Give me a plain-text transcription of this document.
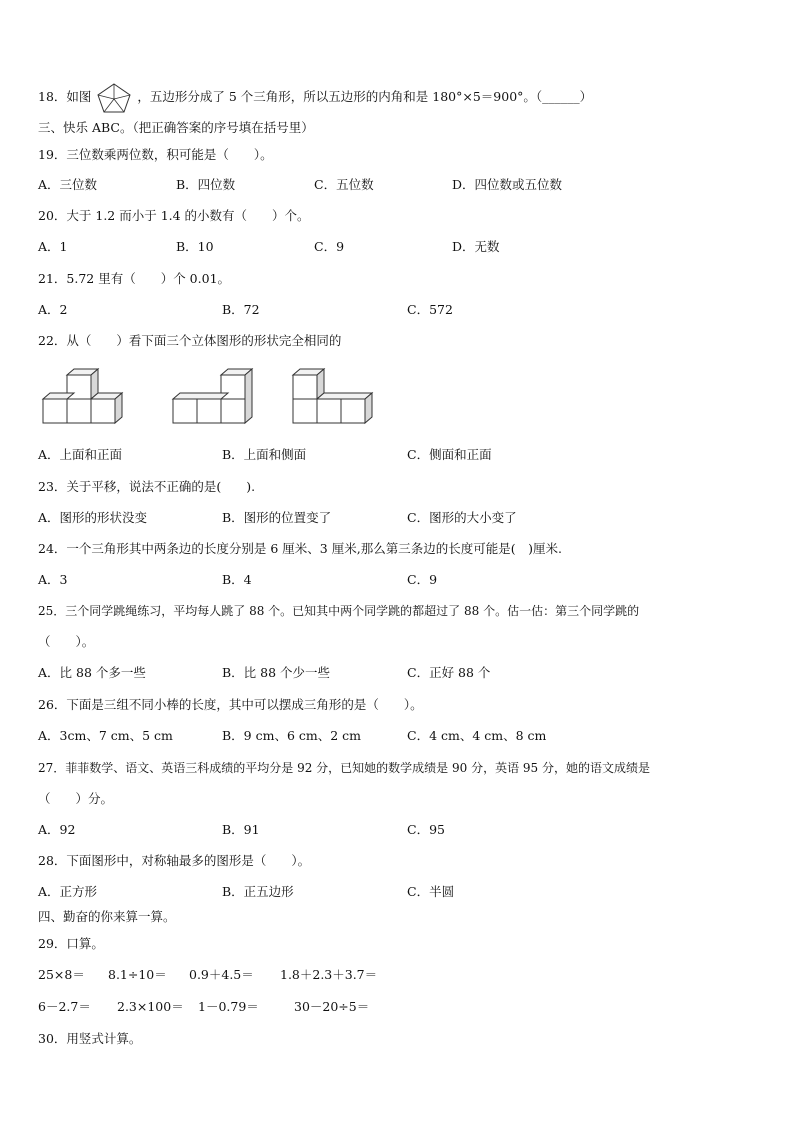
18．如图	，五边形分成了 5 个三角形，所以五边形的内角和是 180°×5＝900°。（______）
三、快乐 ABC。（把正确答案的序号填在括号里）
19．三位数乘两位数，积可能是（　　）。
A．三位数	B．四位数	C．五位数	D．四位数或五位数
20．大于 1.2 而小于 1.4 的小数有（　　）个。
A．1	B．10	C．9	D．无数
21．5.72 里有（　　）个 0.01。
A．2	B．72	C．572
22．从（　　）看下面三个立体图形的形状完全相同的
A．上面和正面	B．上面和侧面	C．侧面和正面
23．关于平移，说法不正确的是(　　).
A．图形的形状没变	B．图形的位置变了	C．图形的大小变了
24．一个三角形其中两条边的长度分别是 6 厘米、3 厘米,那么第三条边的长度可能是(　)厘米.
A．3	B．4	C．9
25．三个同学跳绳练习，平均每人跳了 88 个。已知其中两个同学跳的都超过了 88 个。估一估：第三个同学跳的
（　　）。
A．比 88 个多一些	B．比 88 个少一些	C．正好 88 个
26．下面是三组不同小棒的长度，其中可以摆成三角形的是（　　）。
A．3cm、7 cm、5 cm	B．9 cm、6 cm、2 cm	C．4 cm、4 cm、8 cm
27．菲菲数学、语文、英语三科成绩的平均分是 92 分，已知她的数学成绩是 90 分，英语 95 分，她的语文成绩是
（　　）分。
A．92	B．91	C．95
28．下面图形中，对称轴最多的图形是（　　）。
A．正方形	B．正五边形	C．半圆
四、勤奋的你来算一算。
29．口算。
25×8＝ 8.1÷10＝ 0.9＋4.5＝ 1.8＋2.3＋3.7＝
6－2.7＝ 2.3×100＝ 1－0.79＝	30－20÷5＝
30．用竖式计算。
